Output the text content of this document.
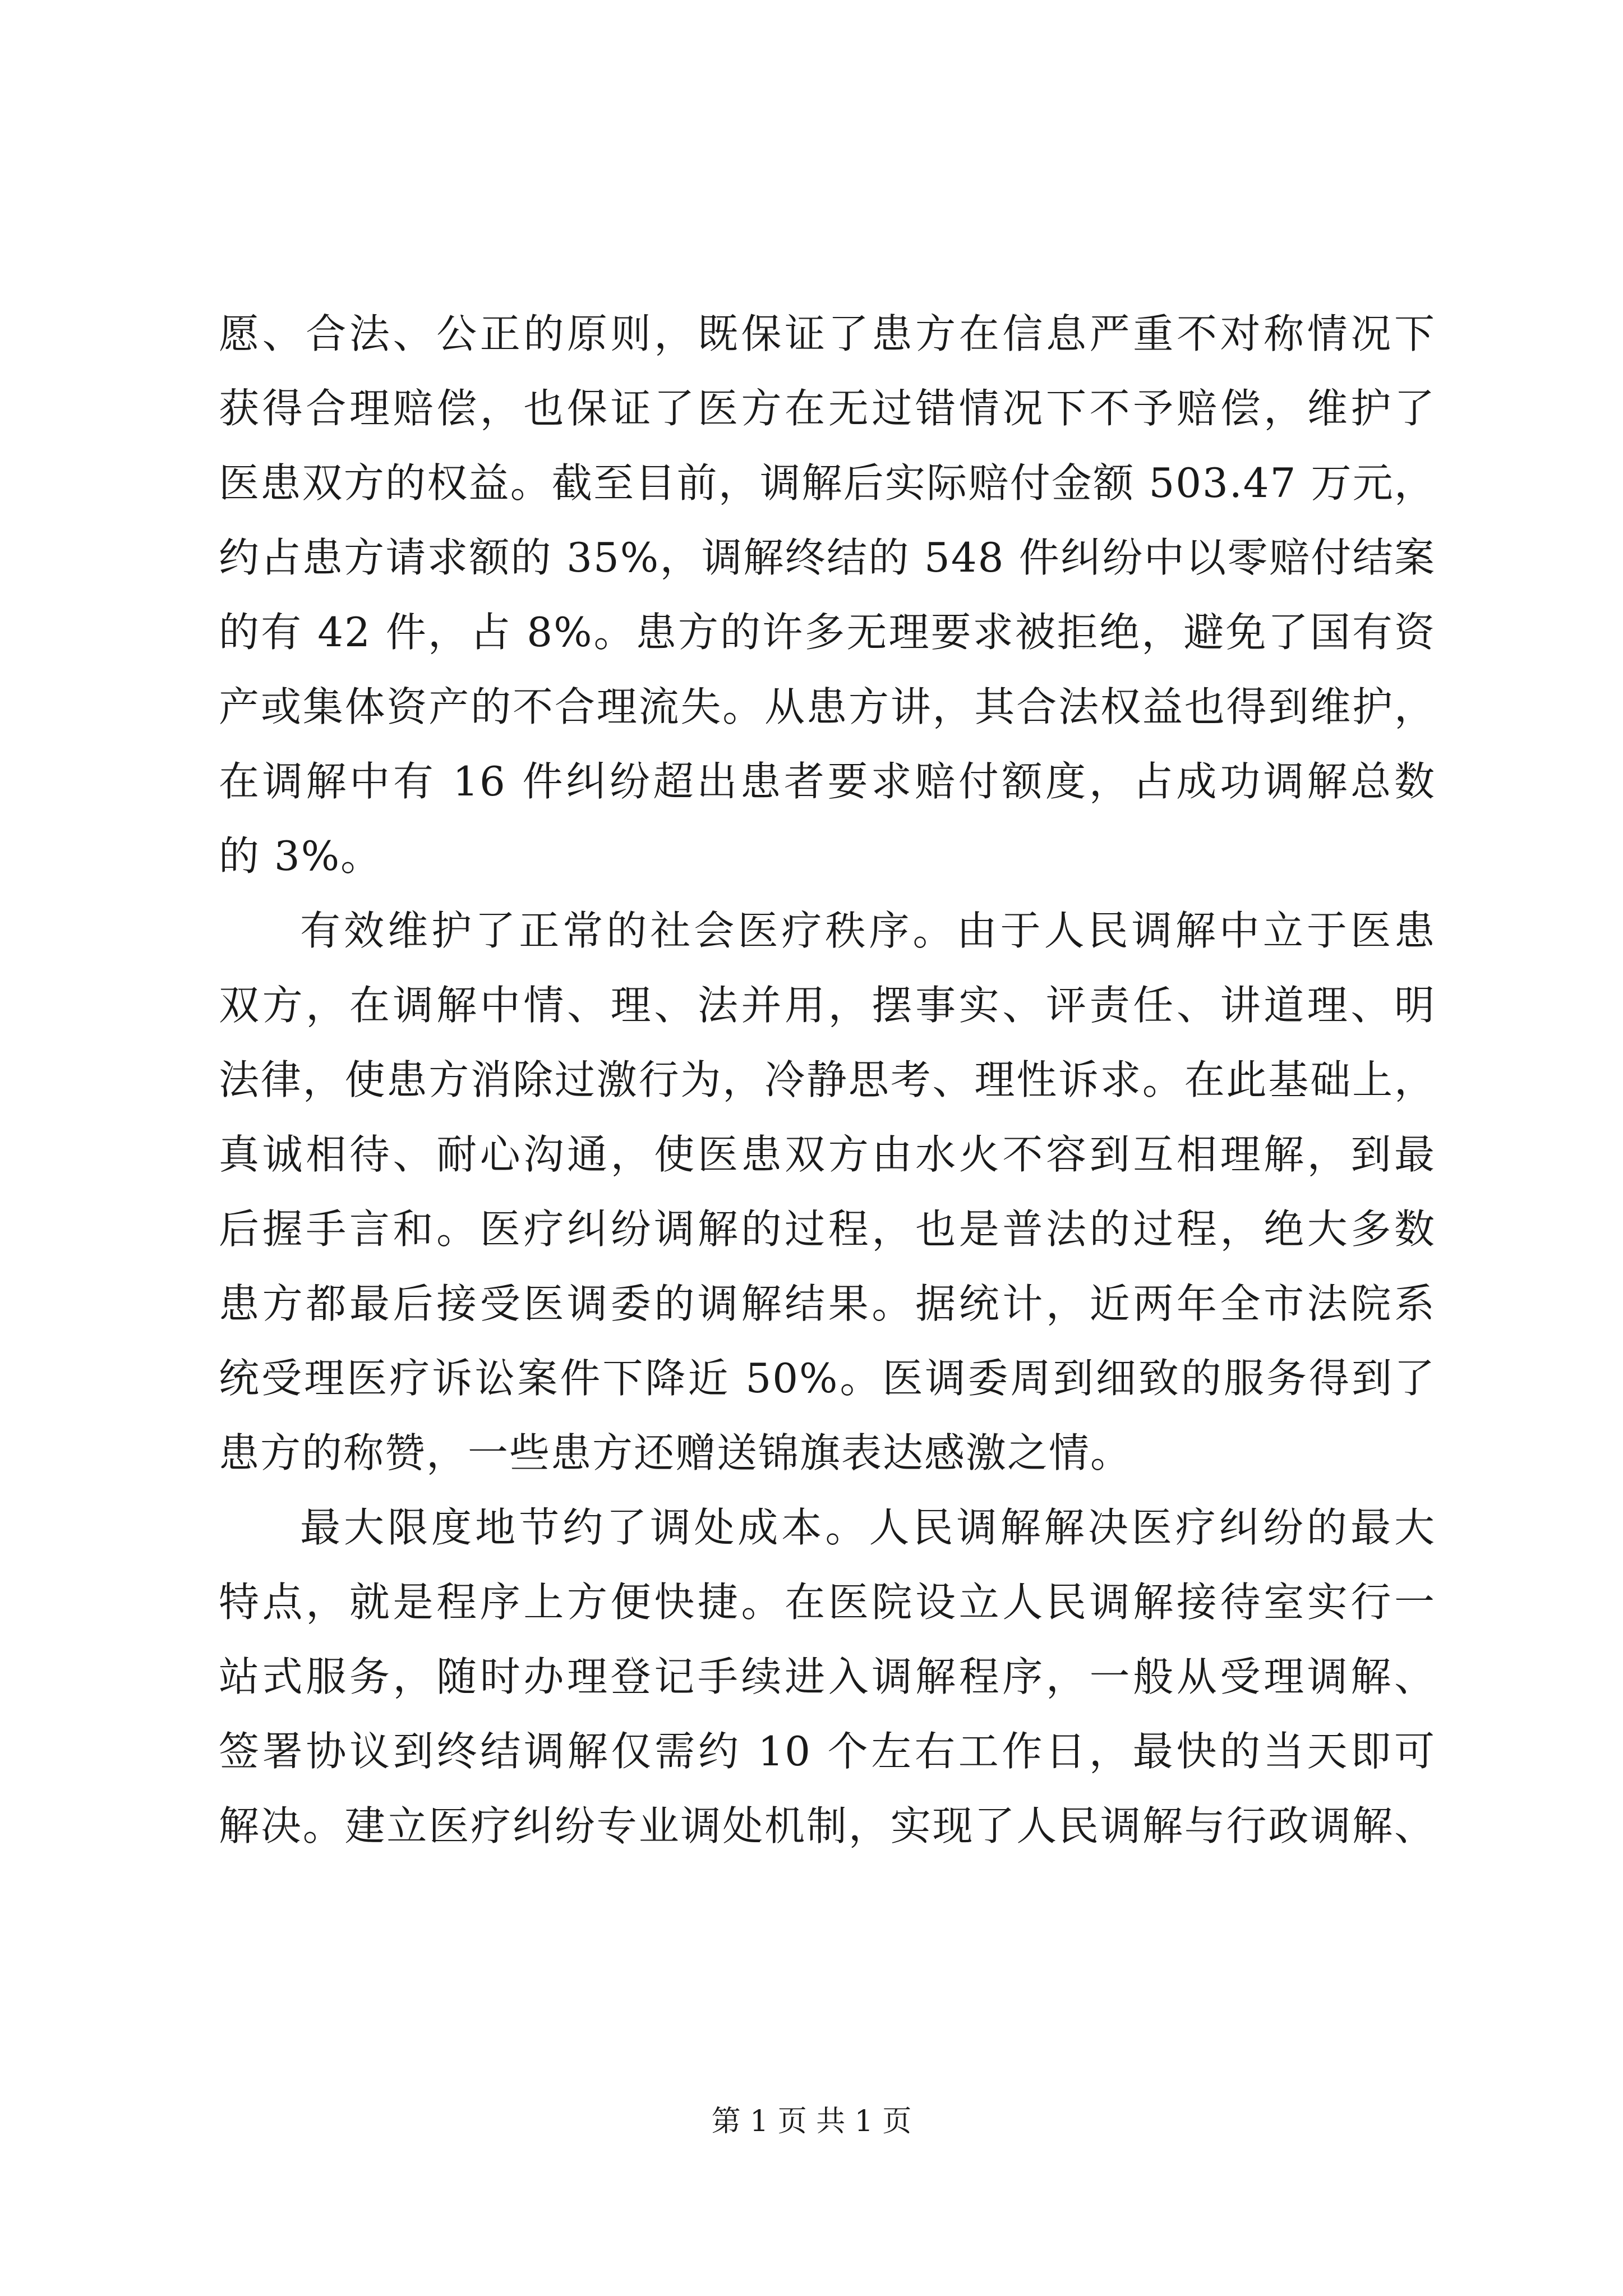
愿、合法、公正的原则，既保证了患方在信息严重不对称情况下
获得合理赔偿，也保证了医方在无过错情况下不予赔偿，维护了
医患双方的权益。截至目前，调解后实际赔付金额 503.47 万元，
约占患方请求额的 35%，调解终结的 548 件纠纷中以零赔付结案
的有 42 件，占 8%。患方的许多无理要求被拒绝，避免了国有资
产或集体资产的不合理流失。从患方讲，其合法权益也得到维护，
在调解中有 16 件纠纷超出患者要求赔付额度，占成功调解总数
的 3%。
有效维护了正常的社会医疗秩序。由于人民调解中立于医患
双方，在调解中情、理、法并用，摆事实、评责任、讲道理、明
法律，使患方消除过激行为，冷静思考、理性诉求。在此基础上，
真诚相待、耐心沟通，使医患双方由水火不容到互相理解，到最
后握手言和。医疗纠纷调解的过程，也是普法的过程，绝大多数
患方都最后接受医调委的调解结果。据统计，近两年全市法院系
统受理医疗诉讼案件下降近 50%。医调委周到细致的服务得到了
患方的称赞，一些患方还赠送锦旗表达感激之情。
最大限度地节约了调处成本。人民调解解决医疗纠纷的最大
特点，就是程序上方便快捷。在医院设立人民调解接待室实行一
站式服务，随时办理登记手续进入调解程序，一般从受理调解、
签署协议到终结调解仅需约 10 个左右工作日，最快的当天即可
解决。建立医疗纠纷专业调处机制，实现了人民调解与行政调解、
第 1 页 共 1 页
